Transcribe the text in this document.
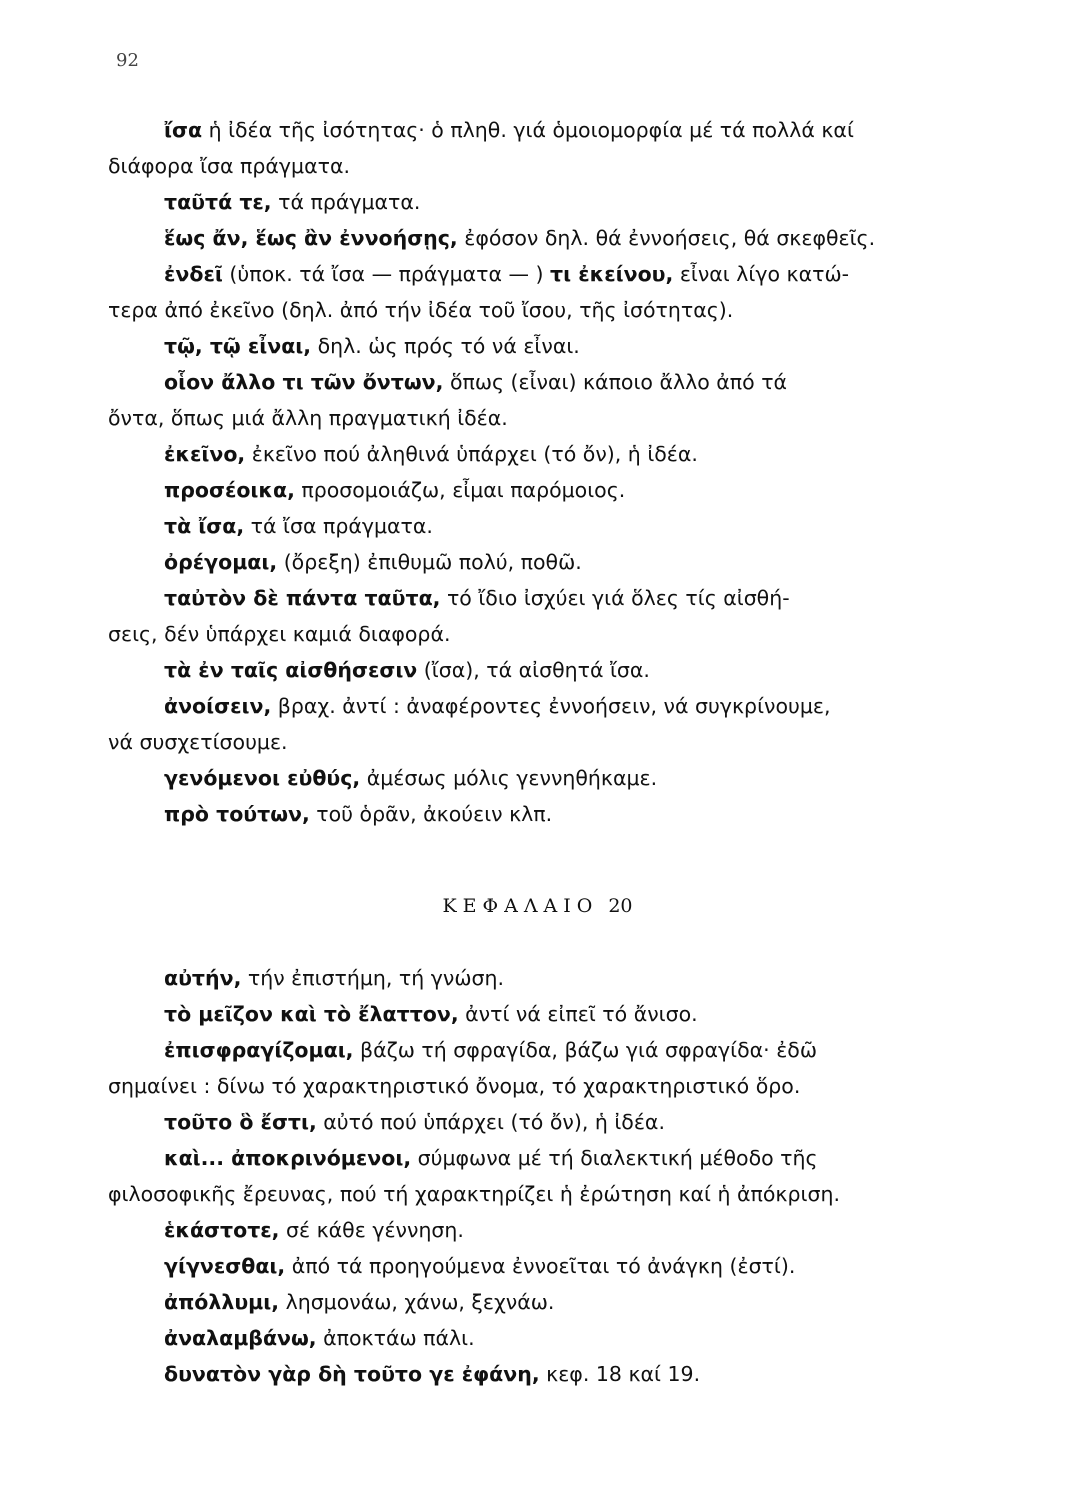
92

ἴσα ἡ ἰδέα τῆς ἰσότητας· ὁ πληθ. γιά ὁμοιομορφία μέ τά πολλά καί

διάφορα ἴσα πράγματα.

ταῦτά τε, τά πράγματα.

ἕως ἄν, ἕως ἂν ἐννοήσῃς, ἐφόσον δηλ. θά ἐννοήσεις, θά σκεφθεῖς.

ἐνδεῖ (ὑποκ. τά ἴσα — πράγματα — ) τι ἐκείνου, εἶναι λίγο κατώ-

τερα ἀπό ἐκεῖνο (δηλ. ἀπό τήν ἰδέα τοῦ ἴσου, τῆς ἰσότητας).

τῷ, τῷ εἶναι, δηλ. ὡς πρός τό νά εἶναι.

οἷον ἄλλο τι τῶν ὄντων, ὅπως (εἶναι) κάποιο ἄλλο ἀπό τά

ὄντα, ὅπως μιά ἄλλη πραγματική ἰδέα.

ἐκεῖνο, ἐκεῖνο πού ἀληθινά ὑπάρχει (τό ὄν), ἡ ἰδέα.

προσέοικα, προσομοιάζω, εἶμαι παρόμοιος.

τὰ ἴσα, τά ἴσα πράγματα.

ὀρέγομαι, (ὄρεξη) ἐπιθυμῶ πολύ, ποθῶ.

ταὐτὸν δὲ πάντα ταῦτα, τό ἴδιο ἰσχύει γιά ὅλες τίς αἰσθή-

σεις, δέν ὑπάρχει καμιά διαφορά.

τὰ ἐν ταῖς αἰσθήσεσιν (ἴσα), τά αἰσθητά ἴσα.

ἀνοίσειν, βραχ. ἀντί : ἀναφέροντες ἐννοήσειν, νά συγκρίνουμε,

νά συσχετίσουμε.

γενόμενοι εὐθύς, ἀμέσως μόλις γεννηθήκαμε.

πρὸ τούτων, τοῦ ὁρᾶν, ἀκούειν κλπ.

ΚΕΦΑΛΑΙΟ 20

αὐτήν, τήν ἐπιστήμη, τή γνώση.

τὸ μεῖζον καὶ τὸ ἔλαττον, ἀντί νά εἰπεῖ τό ἄνισο.

ἐπισφραγίζομαι, βάζω τή σφραγίδα, βάζω γιά σφραγίδα· ἐδῶ

σημαίνει : δίνω τό χαρακτηριστικό ὄνομα, τό χαρακτηριστικό ὅρο.

τοῦτο ὃ ἔστι, αὐτό πού ὑπάρχει (τό ὄν), ἡ ἰδέα.

καὶ... ἀποκρινόμενοι, σύμφωνα μέ τή διαλεκτική μέθοδο τῆς

φιλοσοφικῆς ἔρευνας, πού τή χαρακτηρίζει ἡ ἐρώτηση καί ἡ ἀπόκριση.

ἑκάστοτε, σέ κάθε γέννηση.

γίγνεσθαι, ἀπό τά προηγούμενα ἐννοεῖται τό ἀνάγκη (ἐστί).

ἀπόλλυμι, λησμονάω, χάνω, ξεχνάω.

ἀναλαμβάνω, ἀποκτάω πάλι.

δυνατὸν γὰρ δὴ τοῦτο γε ἐφάνη, κεφ. 18 καί 19.
